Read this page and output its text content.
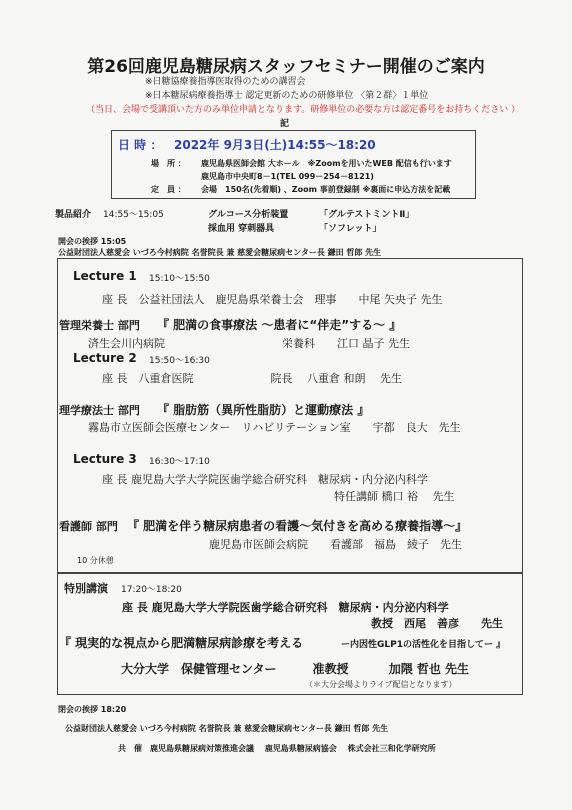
第26回鹿児島糖尿病スタッフセミナー開催のご案内
※日糖協療養指導医取得のための講習会
※日本糖尿病療養指導士 認定更新のための研修単位 〈第２群〉１単位
（当日、会場で受講頂いた方のみ単位申請となります。研修単位の必要な方は認定番号をお持ちください ）
記
日 時 ： 2022年 9月3日(土)14:55～18:20
場　所 ： 鹿児島県医師会館 大ホール　※Zoomを用いたWEB 配信も行います
鹿児島市中央町8－1(TEL 099－254－8121)
定　員 ： 会場　150名(先着順) 、Zoom 事前登録制 ※裏面に申込方法を記載
製品紹介 14:55～15:05	グルコース分析装置	「グルテストミントⅡ」
採血用 穿刺器具	「ソフレット」
開会の挨拶 15:05
公益財団法人慈愛会 いづろ今村病院 名誉院長 兼 慈愛会糖尿病センター長 鎌田 哲郎 先生
Lecture 1 15:10～15:50
座 長　公益社団法人　鹿児島県栄養士会　理事　　中尾 矢央子 先生
管理栄養士 部門 『 肥満の食事療法 ～患者に“伴走”する～ 』
済生会川内病院	栄養科　　江口 晶子 先生
Lecture 2 15:50～16:30
座 長　八重倉医院　　　　　　　院長　 八重倉 和朗　 先生
理学療法士 部門 『 脂肪筋（異所性脂肪）と運動療法 』
霧島市立医師会医療センター　リハビリテーション室　　宇都　良大　先生
Lecture 3 16:30～17:10
座 長 鹿児島大学大学院医歯学総合研究科　糖尿病・内分泌内科学
特任講師 橋口 裕　 先生
看護師 部門 『 肥満を伴う糖尿病患者の看護～気付きを高める療養指導～』
鹿児島市医師会病院　　看護部　福島　綾子　先生
10 分休憩
特別講演 17:20～18:20
座 長 鹿児島大学大学院医歯学総合研究科　糖尿病・内分泌内科学
教授　西尾　善彦　　先生
『 現実的な視点から肥満糖尿病診療を考える	ー内因性GLP1の活性化を目指してー 』
大分大学　保健管理センター　　　准教授　　　 加隈 哲也 先生
（＊大分会場よりライブ配信となります）
閉会の挨拶 18:20
公益財団法人慈愛会 いづろ今村病院 名誉院長 兼 慈愛会糖尿病センター長 鎌田 哲郎 先生
共　催 鹿児島県糖尿病対策推進会議　 鹿児島県糖尿病協会　 株式会社三和化学研究所
